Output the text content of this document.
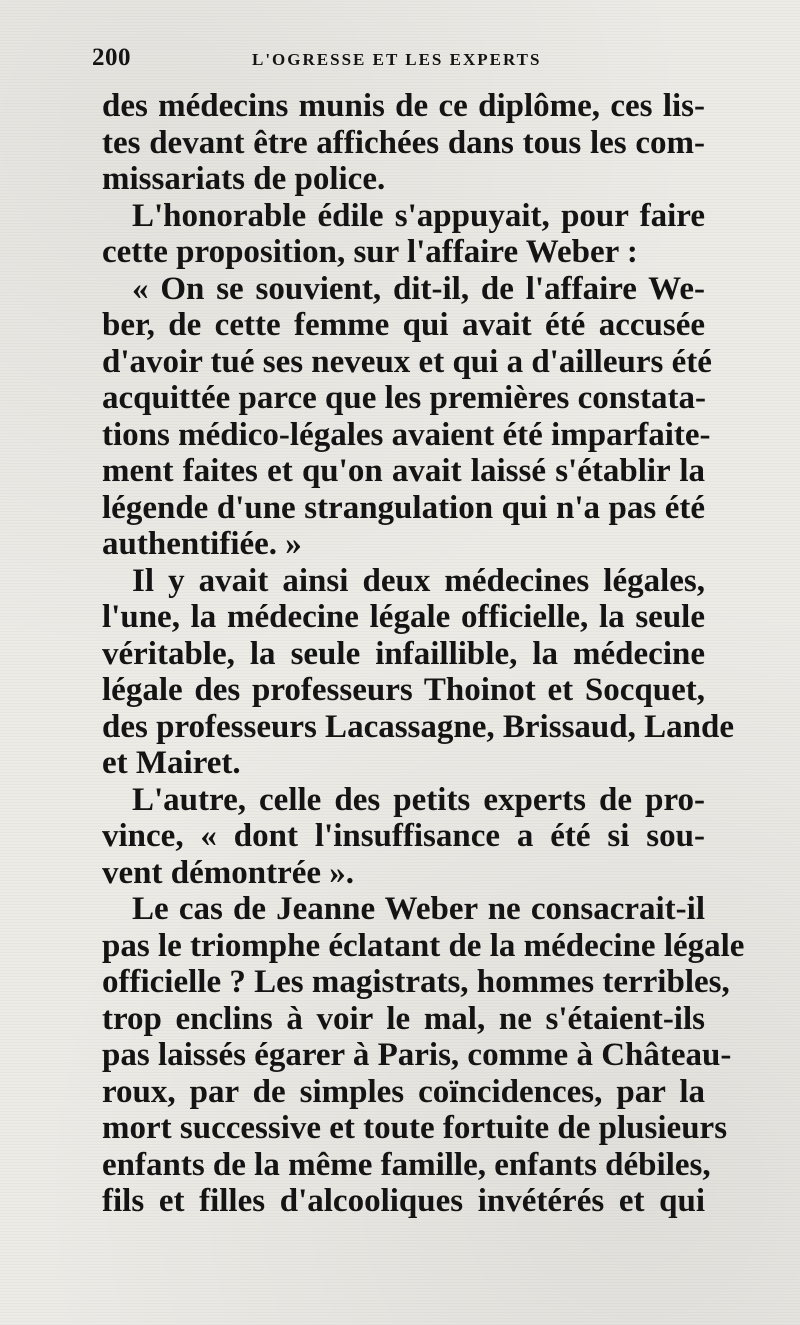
200	L'OGRESSE ET LES EXPERTS
des médecins munis de ce diplôme, ces lis-
tes devant être affichées dans tous les com-
missariats de police.
L'honorable édile s'appuyait, pour faire
cette proposition, sur l'affaire Weber :
« On se souvient, dit-il, de l'affaire We-
ber, de cette femme qui avait été accusée
d'avoir tué ses neveux et qui a d'ailleurs été
acquittée parce que les premières constata-
tions médico-légales avaient été imparfaite-
ment faites et qu'on avait laissé s'établir la
légende d'une strangulation qui n'a pas été
authentifiée. »
Il y avait ainsi deux médecines légales,
l'une, la médecine légale officielle, la seule
véritable, la seule infaillible, la médecine
légale des professeurs Thoinot et Socquet,
des professeurs Lacassagne, Brissaud, Lande
et Mairet.
L'autre, celle des petits experts de pro-
vince, « dont l'insuffisance a été si sou-
vent démontrée ».
Le cas de Jeanne Weber ne consacrait-il
pas le triomphe éclatant de la médecine légale
officielle ? Les magistrats, hommes terribles,
trop enclins à voir le mal, ne s'étaient-ils
pas laissés égarer à Paris, comme à Château-
roux, par de simples coïncidences, par la
mort successive et toute fortuite de plusieurs
enfants de la même famille, enfants débiles,
fils et filles d'alcooliques invétérés et qui
